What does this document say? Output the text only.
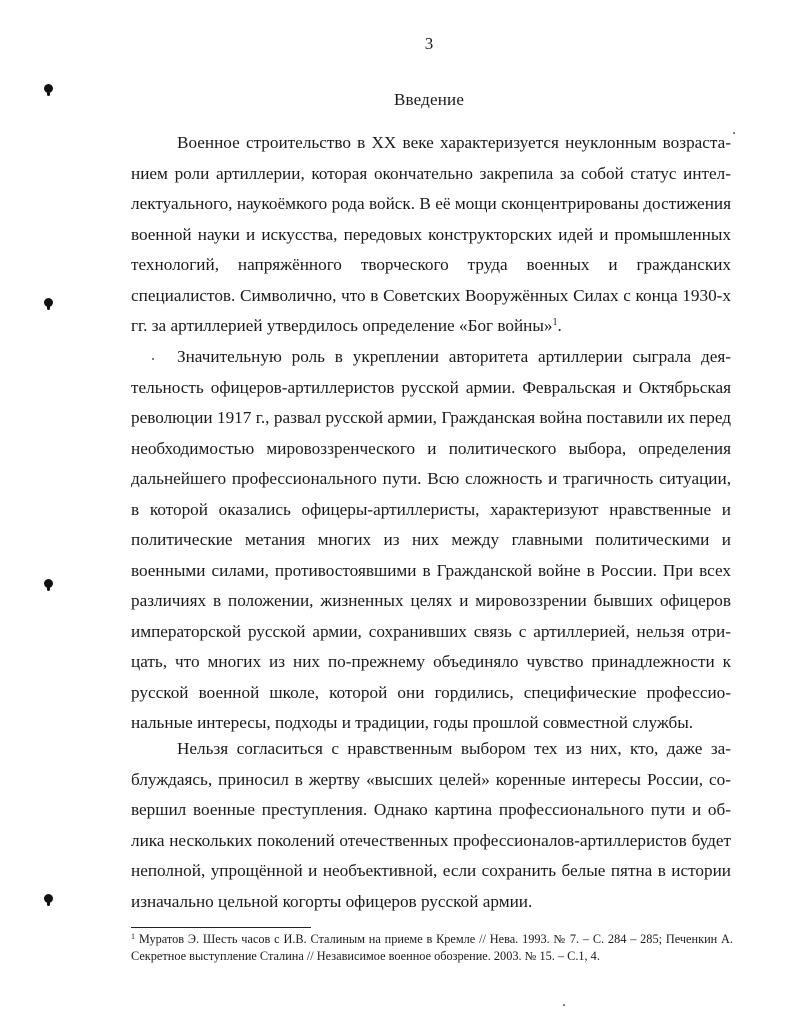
3
Введение

Военное строительство в XX веке характеризуется неуклонным возрастанием роли артиллерии, которая окончательно закрепила за собой статус интеллектуального, наукоёмкого рода войск. В её мощи сконцентрированы достижения военной науки и искусства, передовых конструкторских идей и промышленных технологий, напряжённого творческого труда военных и гражданских специалистов. Символично, что в Советских Вооружённых Силах с конца 1930-х гг. за артиллерией утвердилось определение «Бог войны»$^1$.

Значительную роль в укреплении авторитета артиллерии сыграла деятельность офицеров-артиллеристов русской армии. Февральская и Октябрьская революции 1917 г., развал русской армии, Гражданская война поставили их перед необходимостью мировоззренческого и политического выбора, определения дальнейшего профессионального пути. Всю сложность и трагичность ситуации, в которой оказались офицеры-артиллеристы, характеризуют нравственные и политические метания многих из них между главными политическими и военными силами, противостоявшими в Гражданской войне в России. При всех различиях в положении, жизненных целях и мировоззрении бывших офицеров императорской русской армии, сохранивших связь с артиллерией, нельзя отрицать, что многих из них по-прежнему объединяло чувство принадлежности к русской военной школе, которой они гордились, специфические профессиональные интересы, подходы и традиции, годы прошлой совместной службы.

Нельзя согласиться с нравственным выбором тех из них, кто, даже заблуждаясь, приносил в жертву «высших целей» коренные интересы России, совершил военные преступления. Однако картина профессионального пути и облика нескольких поколений отечественных профессионалов-артиллеристов будет неполной, упрощённой и необъективной, если сохранить белые пятна в истории изначально цельной когорты офицеров русской армии.

$^1$ Муратов Э. Шесть часов с И.В. Сталиным на приеме в Кремле // Нева. 1993. № 7. – С. 284 – 285; Печенкин А. Секретное выступление Сталина // Независимое военное обозрение. 2003. № 15. – С.1, 4.
